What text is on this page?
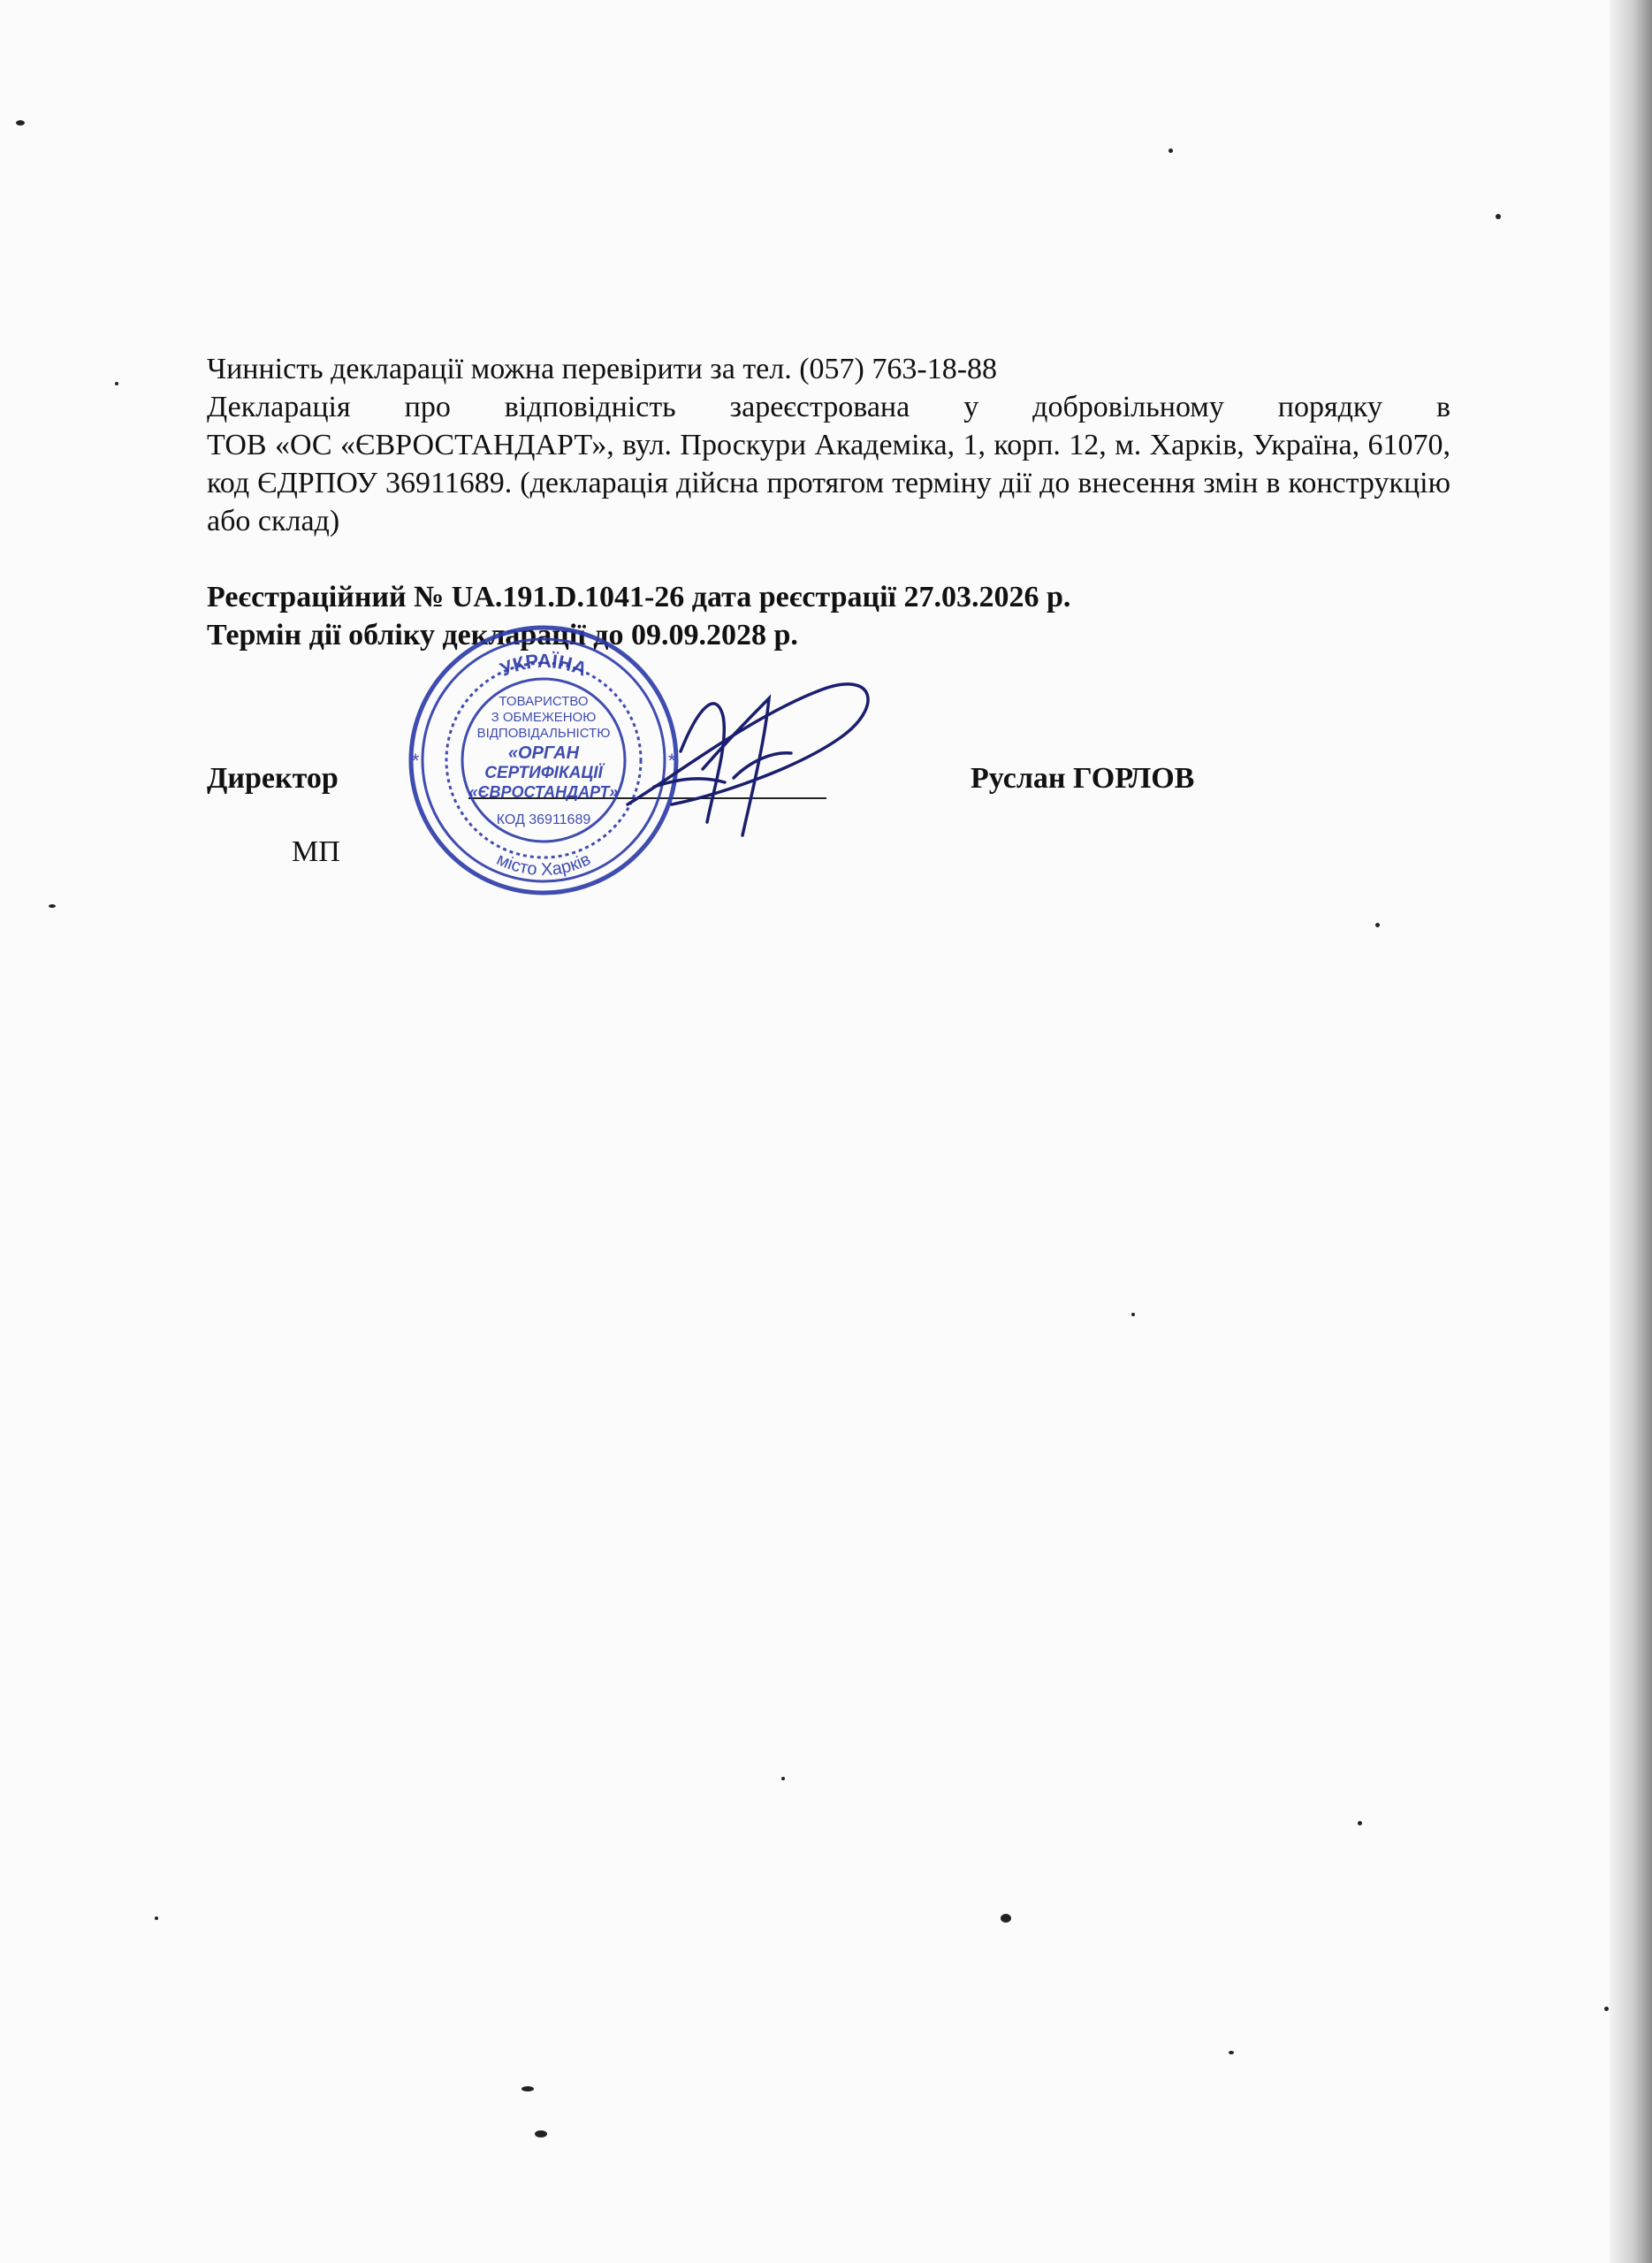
Чинність декларації можна перевірити за тел. (057) 763-18-88

Декларація про відповідність зареєстрована у добровільному порядку в
ТОВ «ОС «ЄВРОСТАНДАРТ», вул. Проскури Академіка, 1, корп. 12, м. Харків, Україна, 61070, код ЄДРПОУ 36911689. (декларація дійсна протягом терміну дії до внесення змін в конструкцію або склад)

Реєстраційний № UA.191.D.1041-26 дата реєстрації 27.03.2026 р.

Термін дії обліку декларації до 09.09.2028 р.

Директор	Руслан ГОРЛОВ
МП
УКРАЇНА
*	*
ТОВАРИСТВО
З ОБМЕЖЕНОЮ
ВІДПОВІДАЛЬНІСТЮ
«ОРГАН
СЕРТИФІКАЦІЇ
«ЄВРОСТАНДАРТ»
КОД 36911689
місто Харків
